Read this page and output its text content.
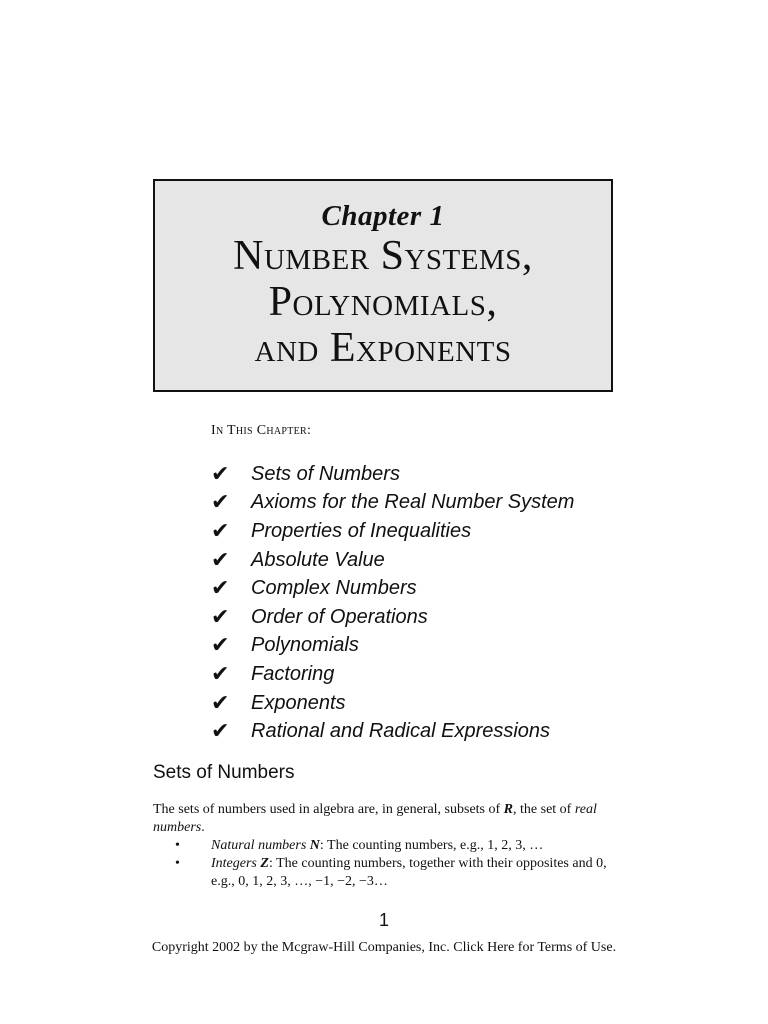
Chapter 1
Number Systems,
Polynomials,
and Exponents
In This Chapter:
✔	Sets of Numbers
✔	Axioms for the Real Number System
✔	Properties of Inequalities
✔	Absolute Value
✔	Complex Numbers
✔	Order of Operations
✔	Polynomials
✔	Factoring
✔	Exponents
✔	Rational and Radical Expressions
Sets of Numbers

The sets of numbers used in algebra are, in general, subsets of R, the set of real numbers.

• Natural numbers N: The counting numbers, e.g., 1, 2, 3, …
• Integers Z: The counting numbers, together with their opposites and 0, e.g., 0, 1, 2, 3, …, −1, −2, −3…
1
Copyright 2002 by the Mcgraw-Hill Companies, Inc. Click Here for Terms of Use.
